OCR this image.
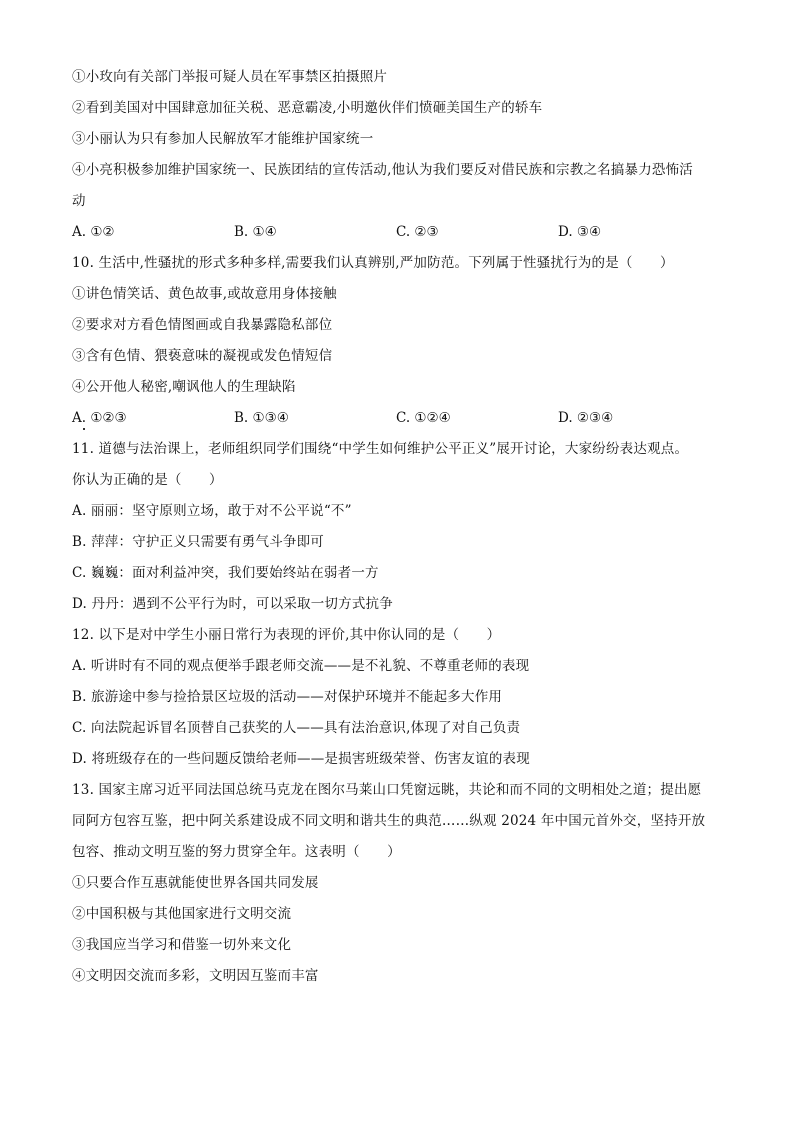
①小玫向有关部门举报可疑人员在军事禁区拍摄照片
②看到美国对中国肆意加征关税、恶意霸凌,小明邀伙伴们愤砸美国生产的轿车
③小丽认为只有参加人民解放军才能维护国家统一
④小亮积极参加维护国家统一、民族团结的宣传活动,他认为我们要反对借民族和宗教之名搞暴力恐怖活
动
A. ①②	B. ①④	C. ②③	D. ③④
10. 生活中,性骚扰的形式多种多样,需要我们认真辨别,严加防范。下列属于性骚扰行为的是（　　）
①讲色情笑话、黄色故事,或故意用身体接触
②要求对方看色情图画或自我暴露隐私部位
③含有色情、猥亵意味的凝视或发色情短信
④公开他人秘密,嘲讽他人的生理缺陷
A. ①②③	B. ①③④	C. ①②④	D. ②③④
11. 道德与法治课上，老师组织同学们围绕“中学生如何维护公平正义”展开讨论，大家纷纷表达观点。
你认为正确的是（　　）
A. 丽丽：坚守原则立场，敢于对不公平说“不”
B. 萍萍：守护正义只需要有勇气斗争即可
C. 巍巍：面对利益冲突，我们要始终站在弱者一方
D. 丹丹：遇到不公平行为时，可以采取一切方式抗争
12. 以下是对中学生小丽日常行为表现的评价,其中你认同的是（　　）
A. 听讲时有不同的观点便举手跟老师交流——是不礼貌、不尊重老师的表现
B. 旅游途中参与捡拾景区垃圾的活动——对保护环境并不能起多大作用
C. 向法院起诉冒名顶替自己获奖的人——具有法治意识,体现了对自己负责
D. 将班级存在的一些问题反馈给老师——是损害班级荣誉、伤害友谊的表现
13. 国家主席习近平同法国总统马克龙在图尔马莱山口凭窗远眺，共论和而不同的文明相处之道；提出愿
同阿方包容互鉴，把中阿关系建设成不同文明和谐共生的典范……纵观 2024 年中国元首外交，坚持开放
包容、推动文明互鉴的努力贯穿全年。这表明（　　）
①只要合作互惠就能使世界各国共同发展
②中国积极与其他国家进行文明交流
③我国应当学习和借鉴一切外来文化
④文明因交流而多彩，文明因互鉴而丰富
